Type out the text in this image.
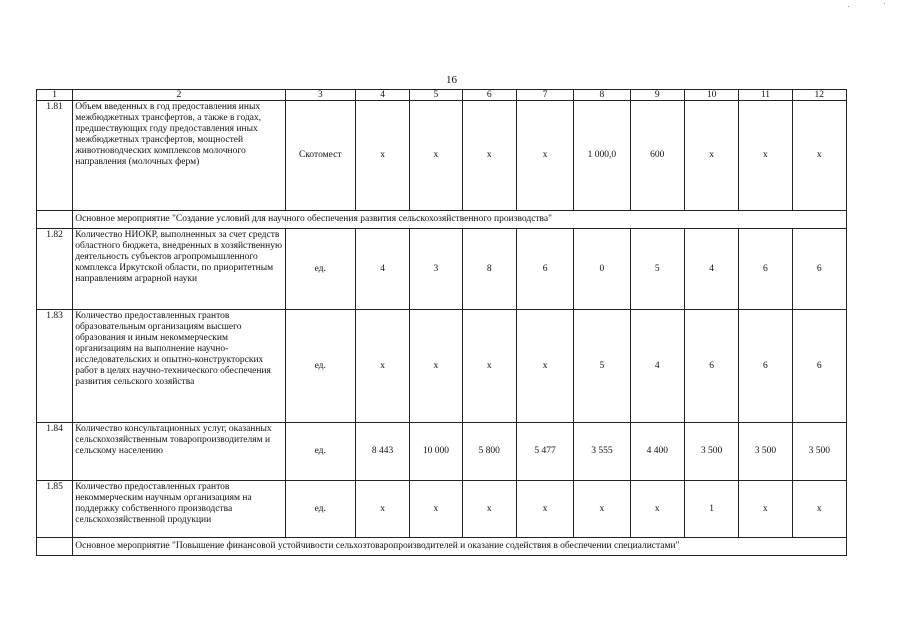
16
1	2	3	4	5	6	7	8	9	10	11	12
1.81	Объем введенных в год предоставления иных межбюджетных трансфертов, а также в годах, предшествующих году предоставления иных межбюджетных трансфертов, мощностей животноводческих комплексов молочного направления (молочных ферм)	Скотомест	x	x	x	x	1 000,0	600	x	x	x
	Основное мероприятие "Создание условий для научного обеспечения развития сельскохозяйственного производства"										
1.82	Количество НИОКР, выполненных за счет средств областного бюджета, внедренных в хозяйственную деятельность субъектов агропромышленного комплекса Иркутской области, по приоритетным направлениям аграрной науки	ед.	4	3	8	6	0	5	4	6	6
1.83	Количество предоставленных грантов образовательным организациям высшего образования и иным некоммерческим организациям на выполнение научно-исследовательских и опытно-конструкторских работ в целях научно-технического обеспечения развития сельского хозяйства	ед.	x	x	x	x	5	4	6	6	6
1.84	Количество консультационных услуг, оказанных сельскохозяйственным товаропроизводителям и сельскому населению	ед.	8 443	10 000	5 800	5 477	3 555	4 400	3 500	3 500	3 500
1.85	Количество предоставленных грантов некоммерческим научным организациям на поддержку собственного производства сельскохозяйственной продукции	ед.	x	x	x	x	x	x	1	x	x
	Основное мероприятие "Повышение финансовой устойчивости сельхозтоваропроизводителей и оказание содействия в обеспечении специалистами"										
